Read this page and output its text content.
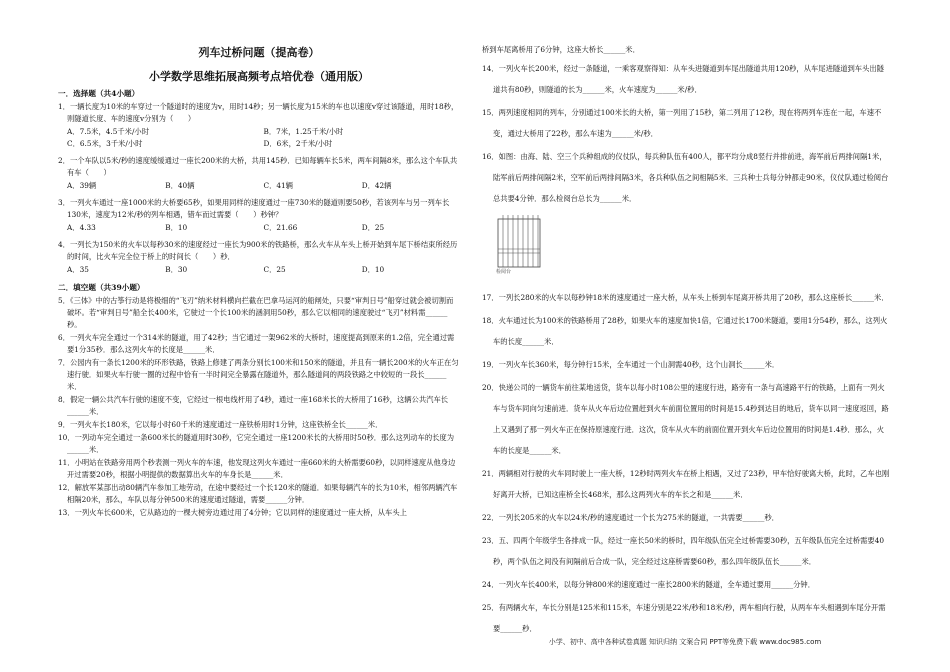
列车过桥问题（提高卷）
小学数学思维拓展高频考点培优卷（通用版）
一．选择题（共4小题）
1．一辆长度为10米的车穿过一个隧道时的速度为v，用时14秒；另一辆长度为15米的车也以速度v穿过该隧道，用时18秒，则隧道长度、车的速度v分别为（　　）
A．7.5米，4.5千米/小时	B．7米，1.25千米/小时
C．6.5米，3千米/小时	D．6米，2千米/小时
2．一个车队以5米/秒的速度缓缓通过一座长200米的大桥，共用145秒．已知每辆车长5米，两车间隔8米，那么这个车队共有车（　　）
A．39辆	B．40辆	C．41辆	D．42辆
3．一列火车通过一座1000米的大桥要65秒，如果用同样的速度通过一座730米的隧道则要50秒，若该列车与另一列车长130米，速度为12米/秒的列车相遇，错车而过需要（　　）秒钟？
A．4.33	B．10	C．21.66	D．25
4．一列长为150米的火车以每秒30米的速度经过一座长为900米的铁路桥，那么火车从车头上桥开始到车尾下桥结束所经历的时间，比火车完全位于桥上的时间长（　　）秒．
A．35	B．30	C．25	D．10
二．填空题（共39小题）
5．《三体》中的古筝行动是将极细的“飞刃”纳米材料横向拦截在巴拿马运河的船闸处，只要“审判日号”船穿过就会被切割而破坏。若“审判日号”船全长400米，它驶过一个长100米的涵洞用50秒，那么它以相同的速度驶过“飞刃”材料需______秒。
6．一列火车完全通过一个314米的隧道，用了42秒；当它通过一架962米的大桥时，速度提高到原来的1.2倍，完全通过需要1分35秒．那么这列火车的长度是______米．
7．公园内有一条长1200米的环形铁路，铁路上修建了两条分别长100米和150米的隧道，并且有一辆长200米的火车正在匀速行驶．如果火车行驶一圈的过程中恰有一半时间完全暴露在隧道外，那么隧道间的两段铁路之中较短的一段长______米．
8．假定一辆公共汽车行驶的速度不变，它经过一根电线杆用了4秒，通过一座168米长的大桥用了16秒，这辆公共汽车长______米．
9．一列火车长180米，它以每小时60千米的速度通过一座铁桥用时1分钟，这座铁桥全长______米．
10．一列动车完全通过一条600米长的隧道用时30秒，它完全通过一座1200米长的大桥用时50秒．那么这列动车的长度为______米．
11．小明站在铁路旁用两个秒表测一列火车的车速，他发现这列火车通过一座660米的大桥需要60秒，以同样速度从他身边开过需要20秒，根据小明提供的数据算出火车的车身长是______米．
12．解放军某部出动80辆汽车参加工地劳动，在途中要经过一个长120米的隧道．如果每辆汽车的长为10米，相邻两辆汽车相隔20米，那么，车队以每分钟500米的速度通过隧道，需要______分钟．
13．一列火车长600米，它从路边的一棵大树旁边通过用了4分钟；它以同样的速度通过一座大桥，从车头上
桥到车尾离桥用了6分钟，这座大桥长______米．
14．一列火车长200米，经过一条隧道，一乘客观察得知：从车头进隧道到车尾出隧道共用120秒，从车尾进隧道到车头出隧道共有80秒，则隧道的长为______米，火车速度为______米/秒．
15．两列速度相同的列车，分别通过100米长的大桥，第一列用了15秒，第二列用了12秒，现在将两列车连在一起，车速不变，通过大桥用了22秒，那么车速为______米/秒．
16．如图：由海、陆、空三个兵种组成的仪仗队，每兵种队伍有400人，都平均分成8竖行并排前进，海军前后两排间隔1米，陆军前后两排间隔2米，空军前后两排间隔3米，各兵种队伍之间相隔5米．三兵种士兵每分钟都走90米，仪仗队通过检阅台总共要4分钟．那么检阅台总长为______米．
检阅台
17．一列长280米的火车以每秒钟18米的速度通过一座大桥，从车头上桥到车尾离开桥共用了20秒，那么这座桥长______米．
18．火车通过长为100米的铁路桥用了28秒，如果火车的速度加快1倍，它通过长1700米隧道，要用1分54秒，那么，这列火车的长度______米．
19．一列火车长360米，每分钟行15米，全车通过一个山洞需40秒，这个山洞长______米．
20．快递公司的一辆货车前往某地送货，货车以每小时108公里的速度行进，路旁有一条与高速路平行的铁路，上面有一列火车与货车同向匀速前进．货车从火车后边位置赶到火车前面位置用的时间是15.4秒到达目的地后，货车以同一速度返回，路上又遇到了那一列火车正在保持原速度行进．这次，货车从火车的前面位置开到火车后边位置用的时间是1.4秒．那么，火车的长度是______米．
21．两辆相对行驶的火车同时驶上一座大桥，12秒时两列火车在桥上相遇，又过了23秒，甲车恰好驶离大桥，此时，乙车也刚好离开大桥，已知这座桥全长468米，那么这两列火车的车长之和是______米．
22．一列长205米的火车以24米/秒的速度通过一个长为275米的隧道，一共需要______秒．
23．五、四两个年级学生各排成一队，经过一座长50米的桥时，四年级队伍完全过桥需要30秒，五年级队伍完全过桥需要40秒，两个队伍之间没有间隔前后合成一队，完全经过这座桥需要60秒，那么四年级队伍长______米．
24．一列火车长400米，以每分钟800米的速度通过一座长2800米的隧道，全车通过要用______分钟．
25．有两辆火车，车长分别是125米和115米，车速分别是22米/秒和18米/秒，两车相向行驶，从两车车头相遇到车尾分开需要______秒．
小学、初中、高中各种试卷真题 知识归纳 文案合同 PPT等免费下载 www.doc985.com
